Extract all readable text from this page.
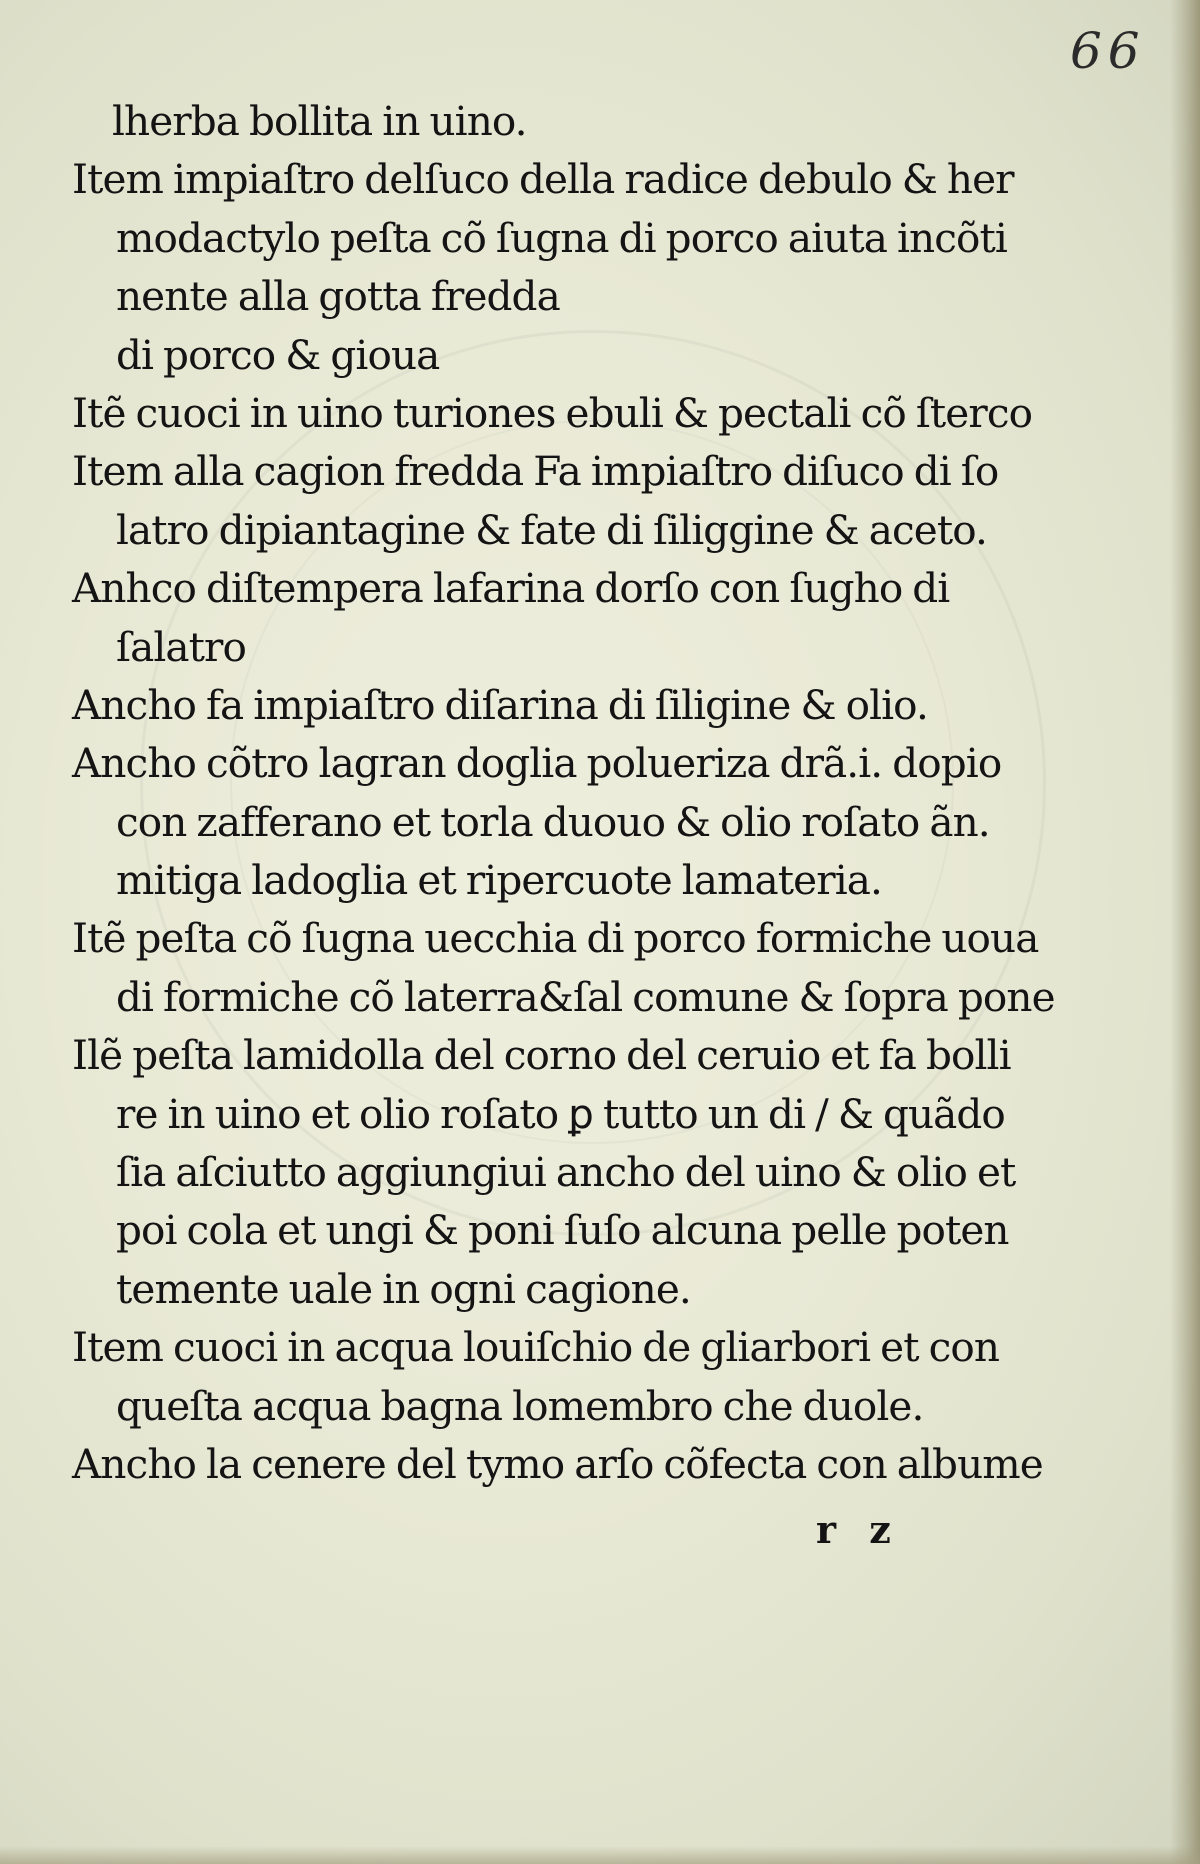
66
lherba bollita in uino.
Item impiaſtro delſuco della radice debulo & her
modactylo peſta cõ ſugna di porco aiuta incõti
nente alla gotta fredda
di porco & gioua
Itẽ cuoci in uino turiones ebuli & pectali cõ ſterco
Item alla cagion fredda Fa impiaſtro diſuco di ſo
latro dipiantagine & fate di ſiliggine & aceto.
Anhco diſtempera lafarina dorſo con ſugho di
ſalatro
Ancho fa impiaſtro diſarina di ſiligine & olio.
Ancho cõtro lagran doglia polueriza drã.i. dopio
con zafferano et torla duouo & olio roſato ãn.
mitiga ladoglia et ripercuote lamateria.
Itẽ peſta cõ ſugna uecchia di porco formiche uoua
di formiche cõ laterra&ſal comune & ſopra pone
Ilẽ peſta lamidolla del corno del ceruio et fa bolli
re in uino et olio roſato ꝑ tutto un di / & quãdo
ſia aſciutto aggiungiui ancho del uino & olio et
poi cola et ungi & poni ſuſo alcuna pelle poten
temente uale in ogni cagione.
Item cuoci in acqua louiſchio de gliarbori et con
queſta acqua bagna lomembro che duole.
Ancho la cenere del tymo arſo cõfecta con albume
r z
